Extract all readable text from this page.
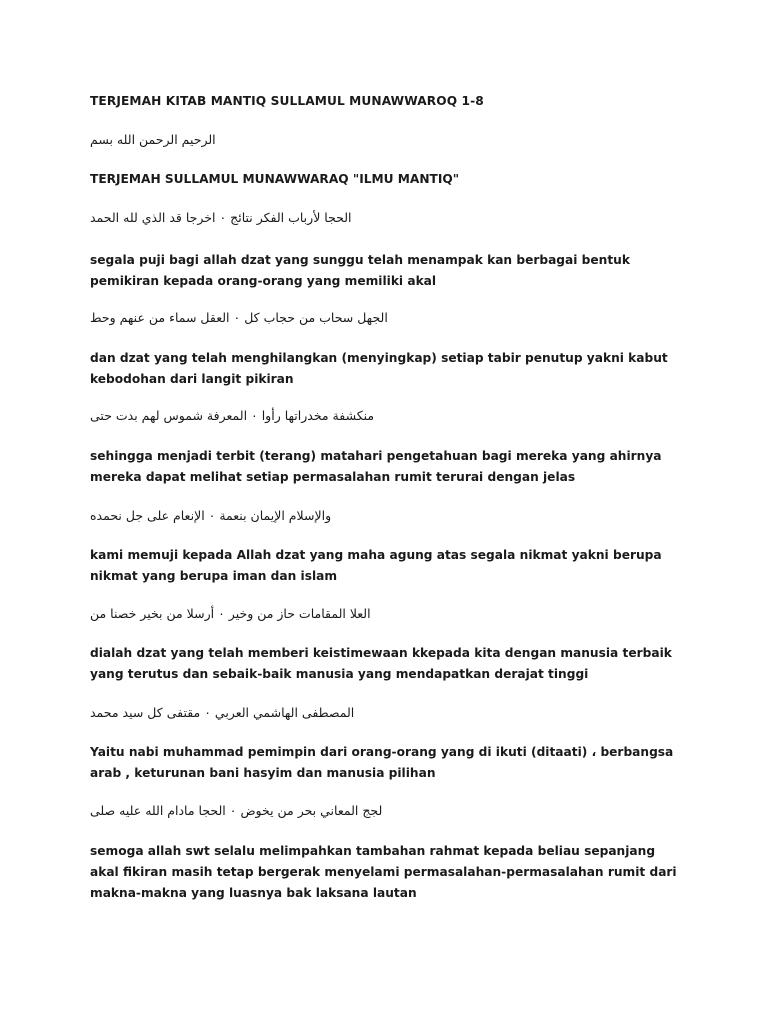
TERJEMAH KITAB MANTIQ SULLAMUL MUNAWWAROQ 1-8
الرحيم الرحمن الله بسم
TERJEMAH SULLAMUL MUNAWWARAQ "ILMU MANTIQ"
الحجا لأرباب الفكر نتائج ۰ اخرجا قد الذي لله الحمد
segala puji bagi allah dzat yang sunggu telah menampak kan berbagai bentuk pemikiran kepada orang-orang yang memiliki akal
الجهل سحاب من حجاب كل ۰ العقل سماء من عنهم وحط
dan dzat yang telah menghilangkan (menyingkap) setiap tabir penutup yakni kabut kebodohan dari langit pikiran
منكشفة مخدراتها رأوا ۰ المعرفة شموس لهم بدت حتى
sehingga menjadi terbit (terang) matahari pengetahuan bagi mereka yang ahirnya mereka dapat melihat setiap permasalahan rumit terurai dengan jelas
والإسلام الإيمان بنعمة ۰ الإنعام على جل نحمده
kami memuji kepada Allah dzat yang maha agung atas segala nikmat yakni berupa nikmat yang berupa iman dan islam
العلا المقامات حاز من وخير ۰ أرسلا من بخير خصنا من
dialah dzat yang telah memberi keistimewaan kkepada kita dengan manusia terbaik yang terutus dan sebaik-baik manusia yang mendapatkan derajat tinggi
المصطفى الهاشمي العربي ۰ مقتفى كل سيد محمد
Yaitu nabi muhammad pemimpin dari orang-orang yang di ikuti (ditaati) ، berbangsa arab , keturunan bani hasyim dan manusia pilihan
لجج المعاني بحر من يخوض ۰ الحجا مادام الله عليه صلى
semoga allah swt selalu melimpahkan tambahan rahmat kepada beliau sepanjang akal fikiran masih tetap bergerak menyelami permasalahan-permasalahan rumit dari makna-makna yang luasnya bak laksana lautan
